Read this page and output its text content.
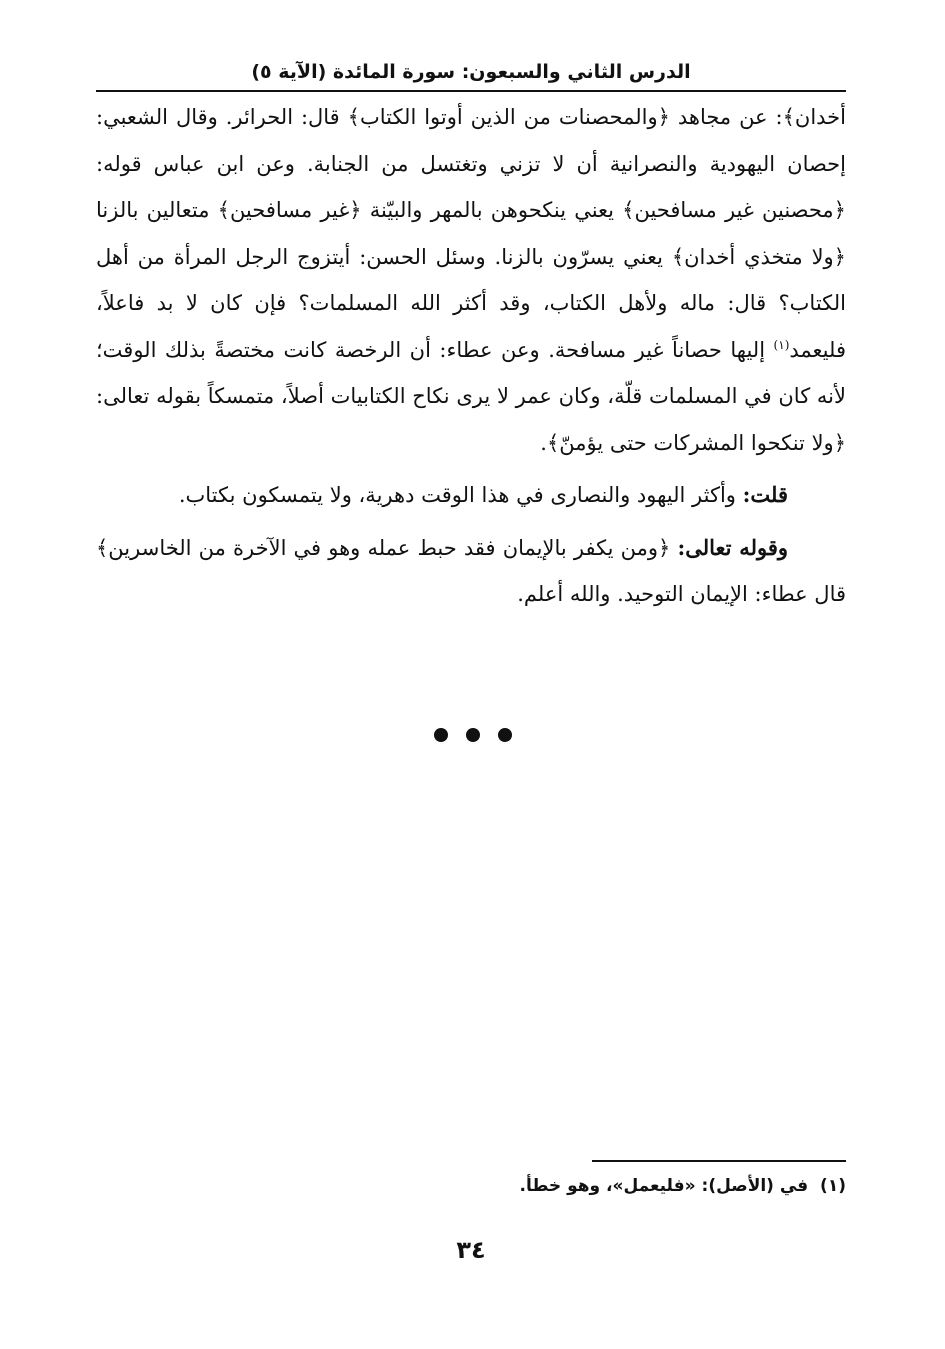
الدرس الثاني والسبعون: سورة المائدة (الآية ٥)

أخدان﴾: عن مجاهد ﴿والمحصنات من الذين أوتوا الكتاب﴾ قال: الحرائر. وقال الشعبي: إحصان اليهودية والنصرانية أن لا تزني وتغتسل من الجنابة. وعن ابن عباس قوله: ﴿محصنين غير مسافحين﴾ يعني ينكحوهن بالمهر والبيّنة ﴿غير مسافحين﴾ متعالين بالزنا ﴿ولا متخذي أخدان﴾ يعني يسرّون بالزنا. وسئل الحسن: أيتزوج الرجل المرأة من أهل الكتاب؟ قال: ماله ولأهل الكتاب، وقد أكثر الله المسلمات؟ فإن كان لا بد فاعلاً، فليعمد$^{(١)}$ إليها حصاناً غير مسافحة. وعن عطاء: أن الرخصة كانت مختصةً بذلك الوقت؛ لأنه كان في المسلمات قلّة، وكان عمر لا يرى نكاح الكتابيات أصلاً، متمسكاً بقوله تعالى: ﴿ولا تنكحوا المشركات حتى يؤمنّ﴾.

قلت: وأكثر اليهود والنصارى في هذا الوقت دهرية، ولا يتمسكون بكتاب.

وقوله تعالى: ﴿ومن يكفر بالإيمان فقد حبط عمله وهو في الآخرة من الخاسرين﴾ قال عطاء: الإيمان التوحيد. والله أعلم.

(١)  في (الأصل): «فليعمل»، وهو خطأ.
٣٤
